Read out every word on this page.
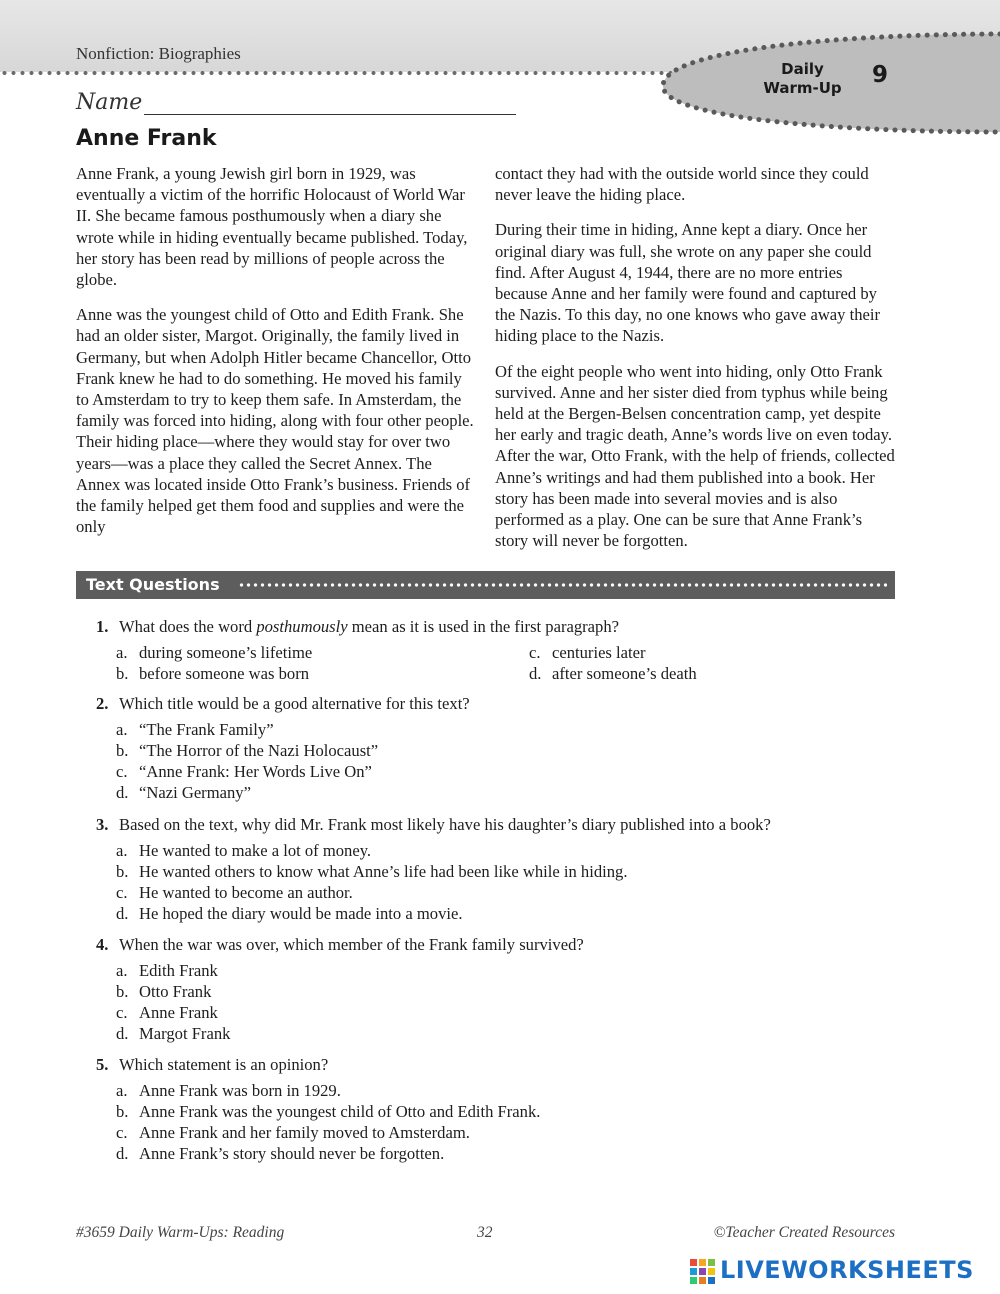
Nonfiction: Biographies
Daily
Warm-Up	9
Name
Anne Frank

Anne Frank, a young Jewish girl born in 1929, was eventually a victim of the horrific Holocaust of World War II. She became famous posthumously when a diary she wrote while in hiding eventually became published. Today, her story has been read by millions of people across the globe.

Anne was the youngest child of Otto and Edith Frank. She had an older sister, Margot. Originally, the family lived in Germany, but when Adolph Hitler became Chancellor, Otto Frank knew he had to do something. He moved his family to Amsterdam to try to keep them safe. In Amsterdam, the family was forced into hiding, along with four other people. Their hiding place—where they would stay for over two years—was a place they called the Secret Annex. The Annex was located inside Otto Frank’s business. Friends of the family helped get them food and supplies and were the only

contact they had with the outside world since they could never leave the hiding place.

During their time in hiding, Anne kept a diary. Once her original diary was full, she wrote on any paper she could find. After August 4, 1944, there are no more entries because Anne and her family were found and captured by the Nazis. To this day, no one knows who gave away their hiding place to the Nazis.

Of the eight people who went into hiding, only Otto Frank survived. Anne and her sister died from typhus while being held at the Bergen-Belsen concentration camp, yet despite her early and tragic death, Anne’s words live on even today. After the war, Otto Frank, with the help of friends, collected Anne’s writings and had them published into a book. Her story has been made into several movies and is also performed as a play. One can be sure that Anne Frank’s story will never be forgotten.

Text Questions
1. What does the word posthumously mean as it is used in the first paragraph?
a. during someone’s lifetime	c. centuries later
b. before someone was born	d. after someone’s death
2. Which title would be a good alternative for this text?
a. “The Frank Family”
b. “The Horror of the Nazi Holocaust”
c. “Anne Frank: Her Words Live On”
d. “Nazi Germany”
3. Based on the text, why did Mr. Frank most likely have his daughter’s diary published into a book?
a. He wanted to make a lot of money.
b. He wanted others to know what Anne’s life had been like while in hiding.
c. He wanted to become an author.
d. He hoped the diary would be made into a movie.
4. When the war was over, which member of the Frank family survived?
a. Edith Frank
b. Otto Frank
c. Anne Frank
d. Margot Frank
5. Which statement is an opinion?
a. Anne Frank was born in 1929.
b. Anne Frank was the youngest child of Otto and Edith Frank.
c. Anne Frank and her family moved to Amsterdam.
d. Anne Frank’s story should never be forgotten.
#3659 Daily Warm-Ups: Reading	32	©Teacher Created Resources
LIVEWORKSHEETS
